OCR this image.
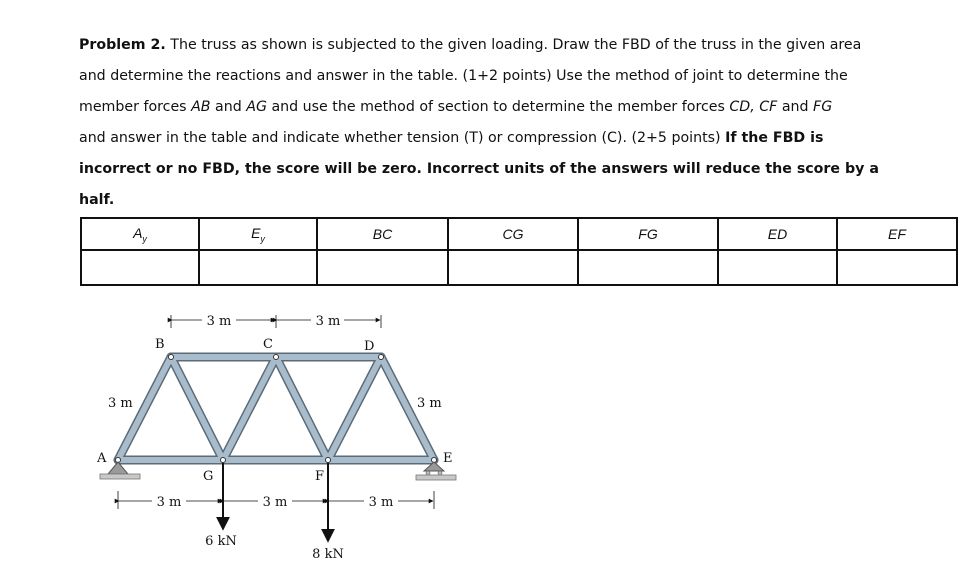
Problem 2. The truss as shown is subjected to the given loading. Draw the FBD of the truss in the given area

and determine the reactions and answer in the table. (1+2 points) Use the method of joint to determine the

member forces AB and AG and use the method of section to determine the member forces CD, CF and FG

and answer in the table and indicate whether tension (T) or compression (C). (2+5 points) If the FBD is

incorrect or no FBD, the score will be zero. Incorrect units of the answers will reduce the score by a

half.

$A_y$	$E_y$	BC	CG	FG	ED	EF

3 m	3 m
B	C	D
A
G	F
E
3 m	3 m
3 m	3 m	3 m
6 kN
8 kN
